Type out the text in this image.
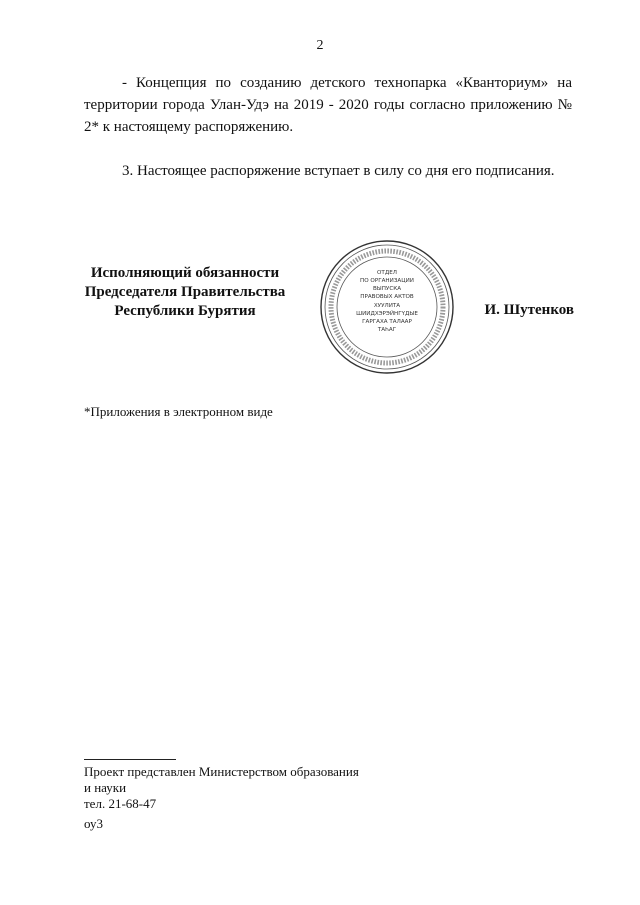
2

- Концепция по созданию детского технопарка «Кванториум» на территории города Улан-Удэ на 2019 - 2020 годы согласно приложению № 2* к настоящему распоряжению.

3. Настоящее распоряжение вступает в силу со дня его подписания.

Исполняющий обязанности
Председателя Правительства
Республики Бурятия
ОТДЕЛ
ПО ОРГАНИЗАЦИИ
ВЫПУСКА
ПРАВОВЫХ АКТОВ
ХУУЛИТА
ШИИДХЭРЭЙНГҮДЫЕ
ГАРГАХА ТАЛААР
ТАҺАГ
И. Шутенков
*Приложения в электронном виде
Проект представлен Министерством образования
и науки
тел. 21-68-47
оу3
